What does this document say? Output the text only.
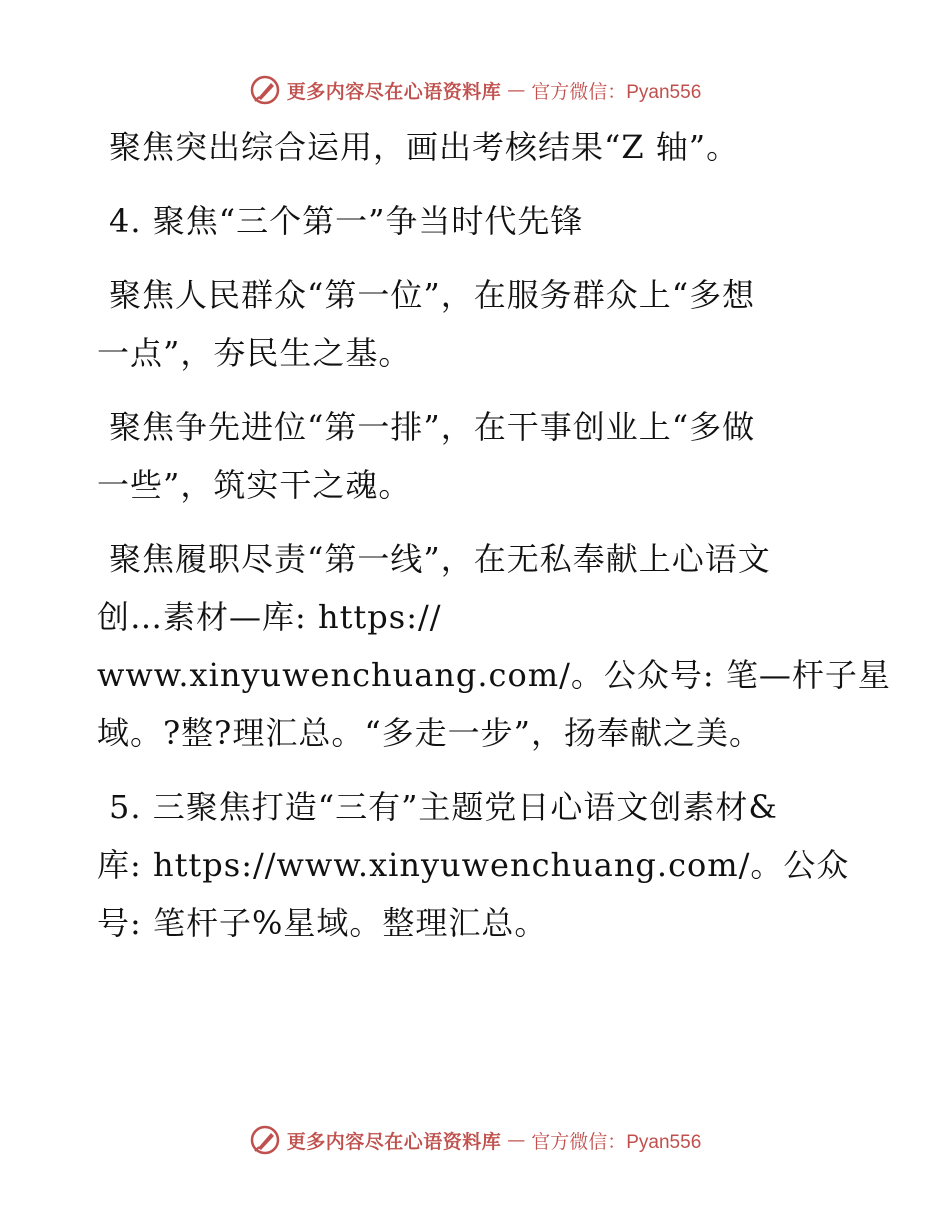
更多内容尽在心语资料库 — 官方微信：Pyan556
聚焦突出综合运用，画出考核结果“Z 轴”。
4. 聚焦“三个第一”争当时代先锋
聚焦人民群众“第一位”，在服务群众上“多想
一点”，夯民生之基。
聚焦争先进位“第一排”，在干事创业上“多做
一些”，筑实干之魂。
聚焦履职尽责“第一线”，在无私奉献上心语文
创…素材—库: https://
www.xinyuwenchuang.com/。公众号: 笔—杆子星
域。?整?理汇总。“多走一步”，扬奉献之美。
5. 三聚焦打造“三有”主题党日心语文创素材&
库: https://www.xinyuwenchuang.com/。公众
号: 笔杆子%星域。整理汇总。
更多内容尽在心语资料库 — 官方微信：Pyan556
